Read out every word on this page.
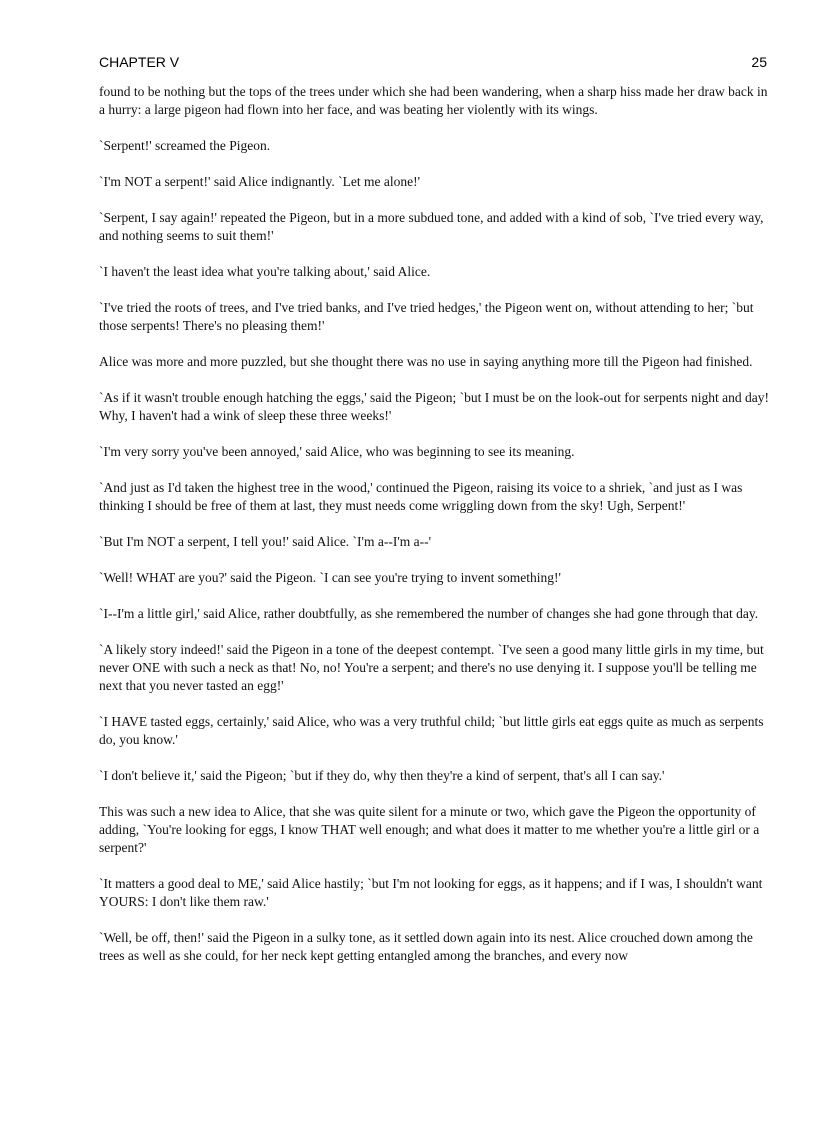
CHAPTER V	25

found to be nothing but the tops of the trees under which she had been wandering, when a sharp hiss made her draw back in a hurry: a large pigeon had flown into her face, and was beating her violently with its wings.

`Serpent!' screamed the Pigeon.

`I'm NOT a serpent!' said Alice indignantly. `Let me alone!'

`Serpent, I say again!' repeated the Pigeon, but in a more subdued tone, and added with a kind of sob, `I've tried every way, and nothing seems to suit them!'

`I haven't the least idea what you're talking about,' said Alice.

`I've tried the roots of trees, and I've tried banks, and I've tried hedges,' the Pigeon went on, without attending to her; `but those serpents! There's no pleasing them!'

Alice was more and more puzzled, but she thought there was no use in saying anything more till the Pigeon had finished.

`As if it wasn't trouble enough hatching the eggs,' said the Pigeon; `but I must be on the look-out for serpents night and day! Why, I haven't had a wink of sleep these three weeks!'

`I'm very sorry you've been annoyed,' said Alice, who was beginning to see its meaning.

`And just as I'd taken the highest tree in the wood,' continued the Pigeon, raising its voice to a shriek, `and just as I was thinking I should be free of them at last, they must needs come wriggling down from the sky! Ugh, Serpent!'

`But I'm NOT a serpent, I tell you!' said Alice. `I'm a--I'm a--'

`Well! WHAT are you?' said the Pigeon. `I can see you're trying to invent something!'

`I--I'm a little girl,' said Alice, rather doubtfully, as she remembered the number of changes she had gone through that day.

`A likely story indeed!' said the Pigeon in a tone of the deepest contempt. `I've seen a good many little girls in my time, but never ONE with such a neck as that! No, no! You're a serpent; and there's no use denying it. I suppose you'll be telling me next that you never tasted an egg!'

`I HAVE tasted eggs, certainly,' said Alice, who was a very truthful child; `but little girls eat eggs quite as much as serpents do, you know.'

`I don't believe it,' said the Pigeon; `but if they do, why then they're a kind of serpent, that's all I can say.'

This was such a new idea to Alice, that she was quite silent for a minute or two, which gave the Pigeon the opportunity of adding, `You're looking for eggs, I know THAT well enough; and what does it matter to me whether you're a little girl or a serpent?'

`It matters a good deal to ME,' said Alice hastily; `but I'm not looking for eggs, as it happens; and if I was, I shouldn't want YOURS: I don't like them raw.'

`Well, be off, then!' said the Pigeon in a sulky tone, as it settled down again into its nest. Alice crouched down among the trees as well as she could, for her neck kept getting entangled among the branches, and every now
